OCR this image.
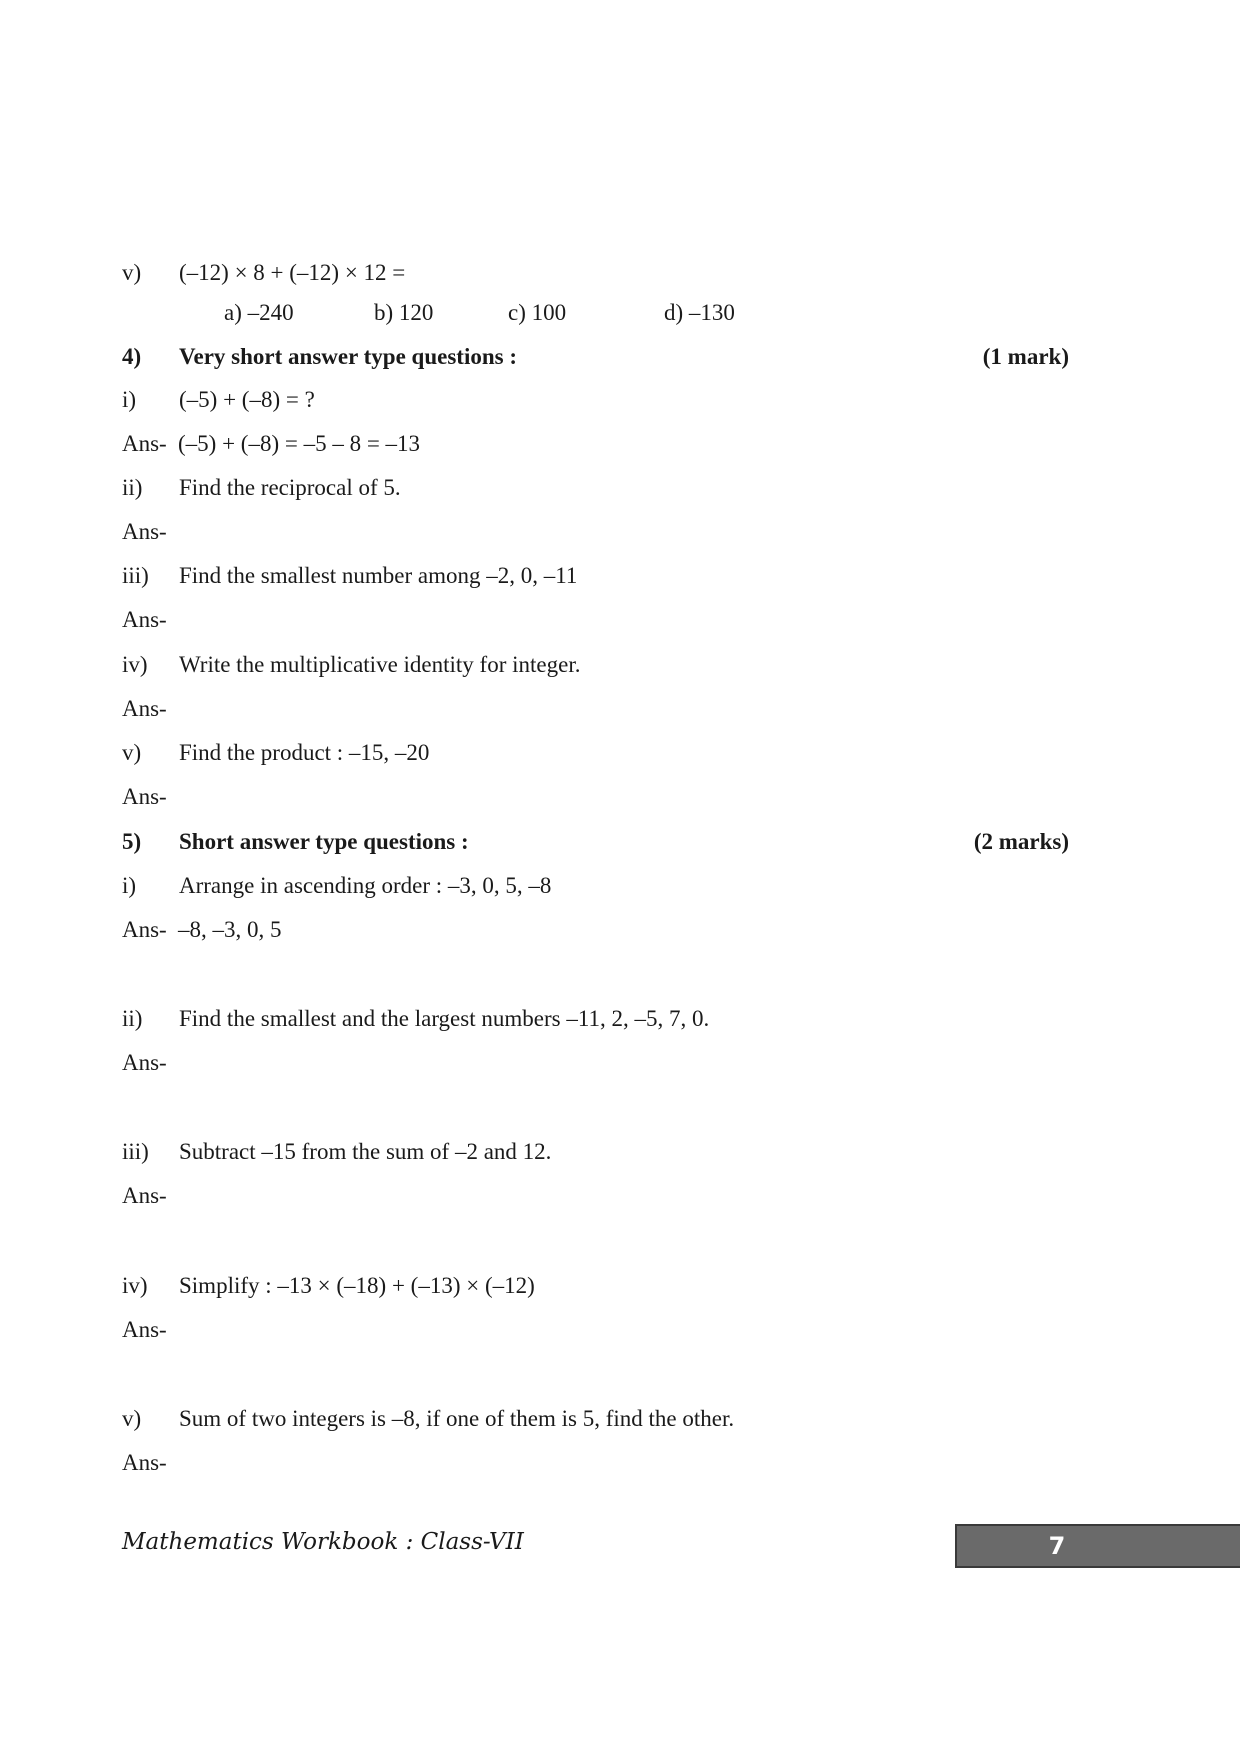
v) (–12) × 8 + (–12) × 12 =
a) –240	b) 120	c) 100	d) –130
4) Very short answer type questions :	(1 mark)
i) (–5) + (–8) = ?
Ans- (–5) + (–8) = –5 – 8 = –13
ii) Find the reciprocal of 5.
Ans-
iii) Find the smallest number among –2, 0, –11
Ans-
iv) Write the multiplicative identity for integer.
Ans-
v) Find the product : –15, –20
Ans-
5) Short answer type questions :	(2 marks)
i) Arrange in ascending order : –3, 0, 5, –8
Ans- –8, –3, 0, 5
ii) Find the smallest and the largest numbers –11, 2, –5, 7, 0.
Ans-
iii) Subtract –15 from the sum of –2 and 12.
Ans-
iv) Simplify : –13 × (–18) + (–13) × (–12)
Ans-
v) Sum of two integers is –8, if one of them is 5, find the other.
Ans-
Mathematics Workbook : Class-VII	7
